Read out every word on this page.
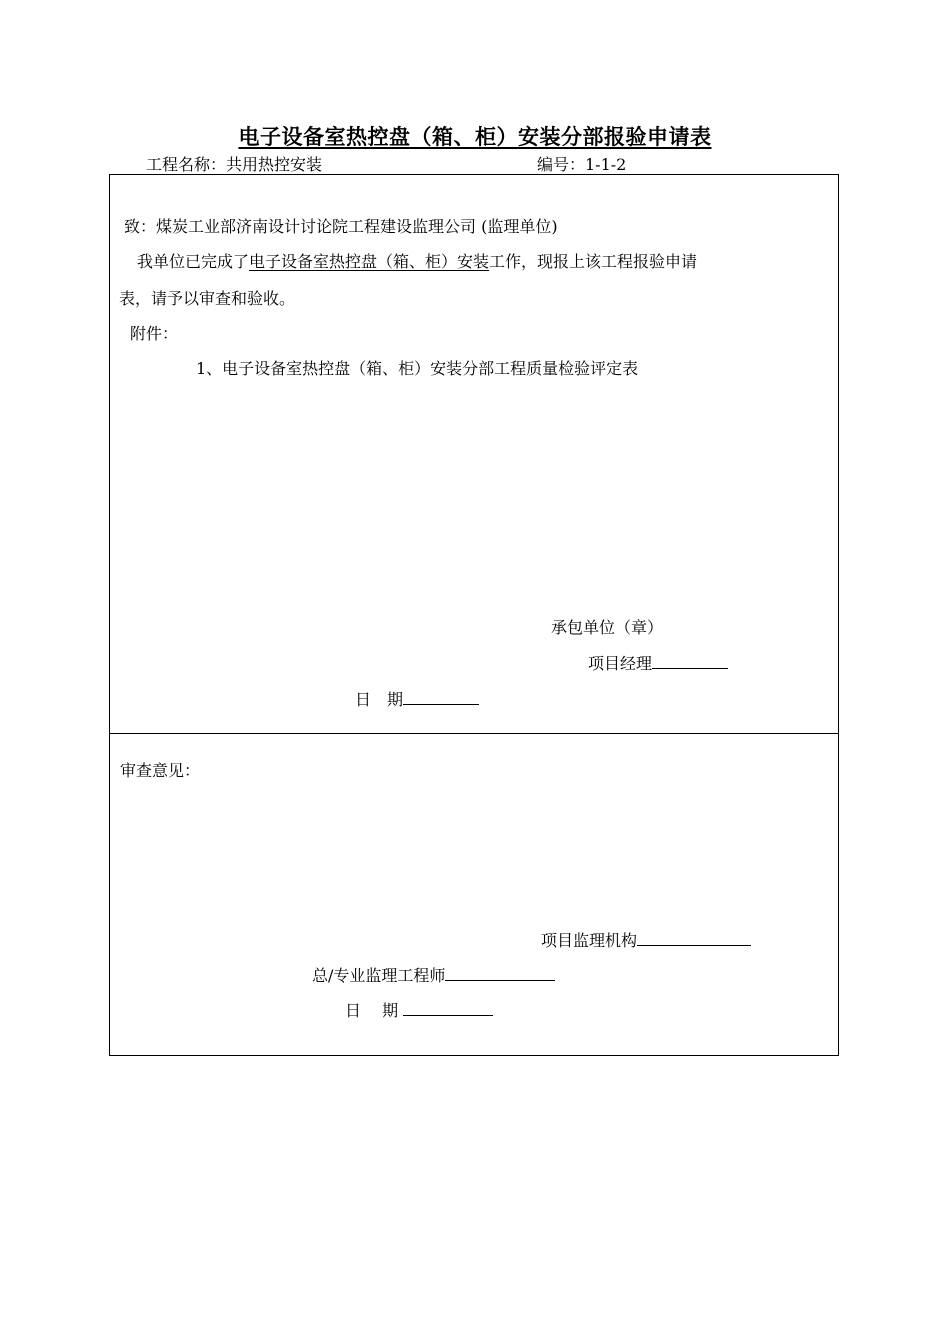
电子设备室热控盘（箱、柜）安装分部报验申请表
工程名称：共用热控安装	编号：1-1-2
致：煤炭工业部济南设计讨论院工程建设监理公司 (监理单位)
我单位已完成了电子设备室热控盘（箱、柜）安装工作，现报上该工程报验申请
表，请予以审查和验收。
附件：
1、电子设备室热控盘（箱、柜）安装分部工程质量检验评定表
承包单位（章）
项目经理
日　期
审查意见：
项目监理机构
总/专业监理工程师
日　 期
